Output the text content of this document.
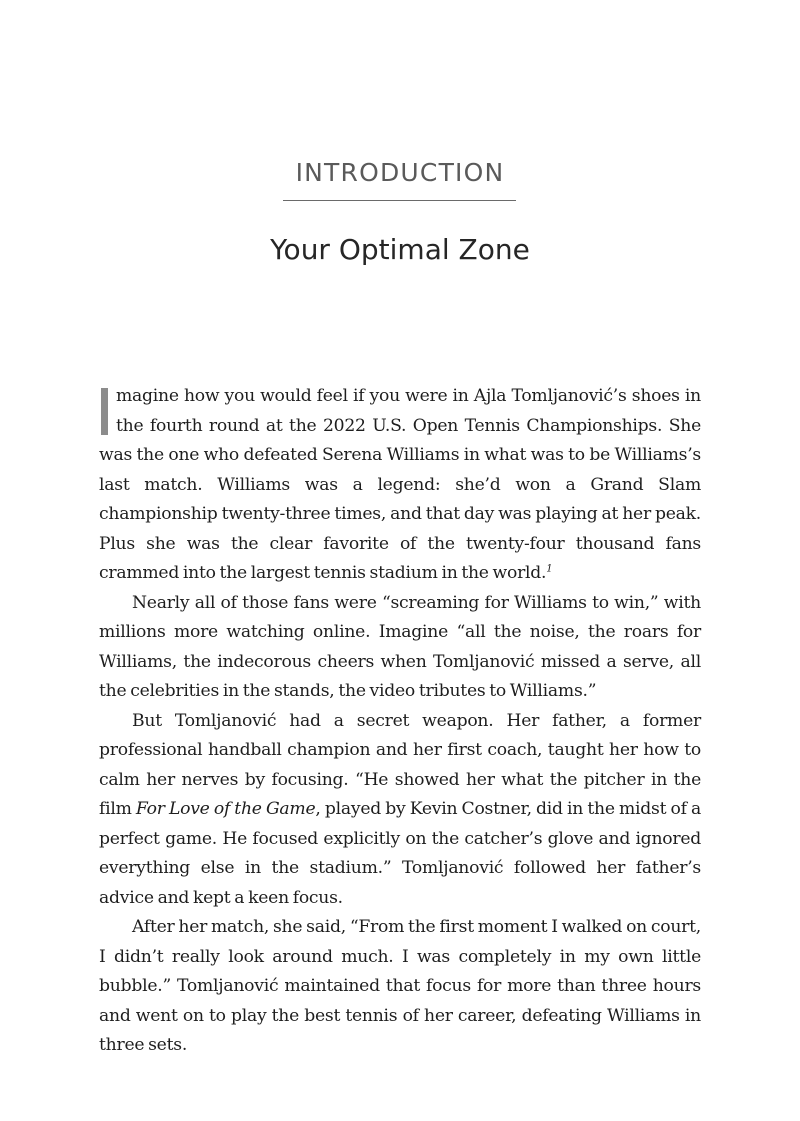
INTRODUCTION
Your Optimal Zone

magine how you would feel if you were in Ajla Tomljanović’s shoes in the fourth round at the 2022 U.S. Open Tennis Championships. She was the one who defeated Serena Williams in what was to be Williams’s last match. Williams was a legend: she’d won a Grand Slam championship twenty-three times, and that day was playing at her peak. Plus she was the clear favorite of the twenty-four thousand fans crammed into the largest tennis stadium in the world.$^1$

Nearly all of those fans were “screaming for Williams to win,” with millions more watching online. Imagine “all the noise, the roars for Williams, the indecorous cheers when Tomljanović missed a serve, all the celebrities in the stands, the video tributes to Williams.”

But Tomljanović had a secret weapon. Her father, a former professional handball champion and her first coach, taught her how to calm her nerves by focusing. “He showed her what the pitcher in the film For Love of the Game, played by Kevin Costner, did in the midst of a perfect game. He focused explicitly on the catcher’s glove and ignored everything else in the stadium.” Tomljanović followed her father’s advice and kept a keen focus.

After her match, she said, “From the first moment I walked on court, I didn’t really look around much. I was completely in my own little bubble.” Tomljanović maintained that focus for more than three hours and went on to play the best tennis of her career, defeating Williams in three sets.
